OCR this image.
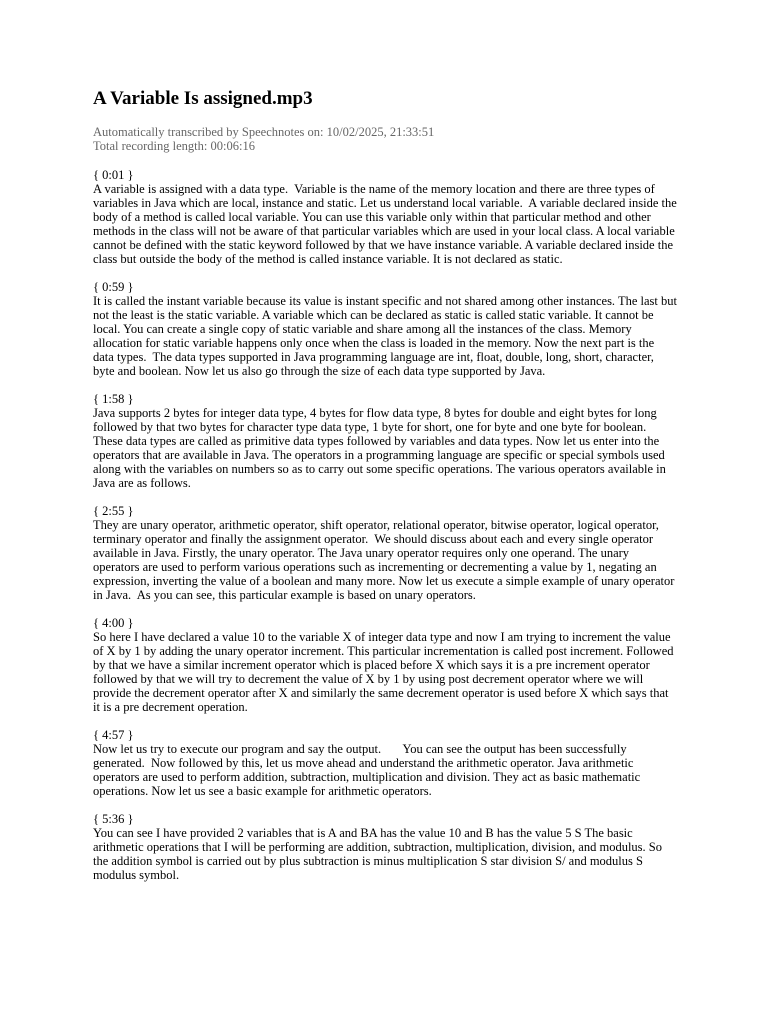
A Variable Is assigned.mp3
Automatically transcribed by Speechnotes on: 10/02/2025, 21:33:51
Total recording length: 00:06:16
{ 0:01 }
A variable is assigned with a data type.  Variable is the name of the memory location and there are three types of variables in Java which are local, instance and static. Let us understand local variable.  A variable declared inside the body of a method is called local variable. You can use this variable only within that particular method and other methods in the class will not be aware of that particular variables which are used in your local class. A local variable cannot be defined with the static keyword followed by that we have instance variable. A variable declared inside the class but outside the body of the method is called instance variable. It is not declared as static.
{ 0:59 }
It is called the instant variable because its value is instant specific and not shared among other instances. The last but not the least is the static variable. A variable which can be declared as static is called static variable. It cannot be local. You can create a single copy of static variable and share among all the instances of the class. Memory allocation for static variable happens only once when the class is loaded in the memory. Now the next part is the data types.  The data types supported in Java programming language are int, float, double, long, short, character, byte and boolean. Now let us also go through the size of each data type supported by Java.
{ 1:58 }
Java supports 2 bytes for integer data type, 4 bytes for flow data type, 8 bytes for double and eight bytes for long followed by that two bytes for character type data type, 1 byte for short, one for byte and one byte for boolean. These data types are called as primitive data types followed by variables and data types. Now let us enter into the operators that are available in Java. The operators in a programming language are specific or special symbols used along with the variables on numbers so as to carry out some specific operations. The various operators available in Java are as follows.
{ 2:55 }
They are unary operator, arithmetic operator, shift operator, relational operator, bitwise operator, logical operator, terminary operator and finally the assignment operator.  We should discuss about each and every single operator available in Java. Firstly, the unary operator. The Java unary operator requires only one operand. The unary operators are used to perform various operations such as incrementing or decrementing a value by 1, negating an expression, inverting the value of a boolean and many more. Now let us execute a simple example of unary operator in Java.  As you can see, this particular example is based on unary operators.
{ 4:00 }
So here I have declared a value 10 to the variable X of integer data type and now I am trying to increment the value of X by 1 by adding the unary operator increment. This particular incrementation is called post increment. Followed by that we have a similar increment operator which is placed before X which says it is a pre increment operator followed by that we will try to decrement the value of X by 1 by using post decrement operator where we will provide the decrement operator after X and similarly the same decrement operator is used before X which says that it is a pre decrement operation.
{ 4:57 }
Now let us try to execute our program and say the output.       You can see the output has been successfully generated.  Now followed by this, let us move ahead and understand the arithmetic operator. Java arithmetic operators are used to perform addition, subtraction, multiplication and division. They act as basic mathematic operations. Now let us see a basic example for arithmetic operators.
{ 5:36 }
You can see I have provided 2 variables that is A and BA has the value 10 and B has the value 5 S The basic arithmetic operations that I will be performing are addition, subtraction, multiplication, division, and modulus. So the addition symbol is carried out by plus subtraction is minus multiplication S star division S/ and modulus S modulus symbol.
